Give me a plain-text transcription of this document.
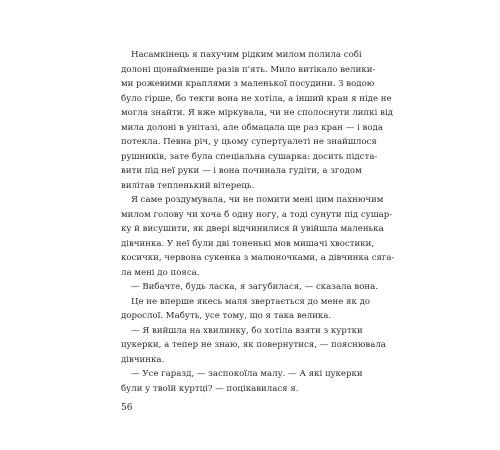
Насамкінець я пахучим рідким милом полила собі
долоні щонайменше разів п'ять. Мило витікало велики-
ми рожевими краплями з маленької посудини. З водою
було гірше, бо текти вона не хотіла, а інший кран я ніде не
могла знайти. Я вже міркувала, чи не сполоснути липкі від
мила долоні в унітазі, але обмацала ще раз кран — і вода
потекла. Певна річ, у цьому супертуалеті не знайшлося
рушників, зате була спеціальна сушарка: досить підста-
вити під неї руки — і вона починала гудіти, а згодом
вилітав тепленький вітерець.
Я саме роздумувала, чи не помити мені цим пахнючим
милом голову чи хоча б одну ногу, а тоді сунути під сушар-
ку й висушити, як двері відчинилися й увійшла маленька
дівчинка. У неї були дві тоненькі мов мишачі хвостики,
косички, червона сукенка з малюночками, а дівчинка сяга-
ла мені до пояса.
— Вибачте, будь ласка, я загубилася, — сказала вона.
Це не вперше якесь маля звертається до мене як до
дорослої. Мабуть, усе тому, що я така велика.
— Я вийшла на хвилинку, бо хотіла взяти з куртки
цукерки, а тепер не знаю, як повернутися, — пояснювала
дівчинка.
— Усе гаразд, — заспокоїла малу. — А які цукерки
були у твоїй куртці? — поцікавилася я.
56
